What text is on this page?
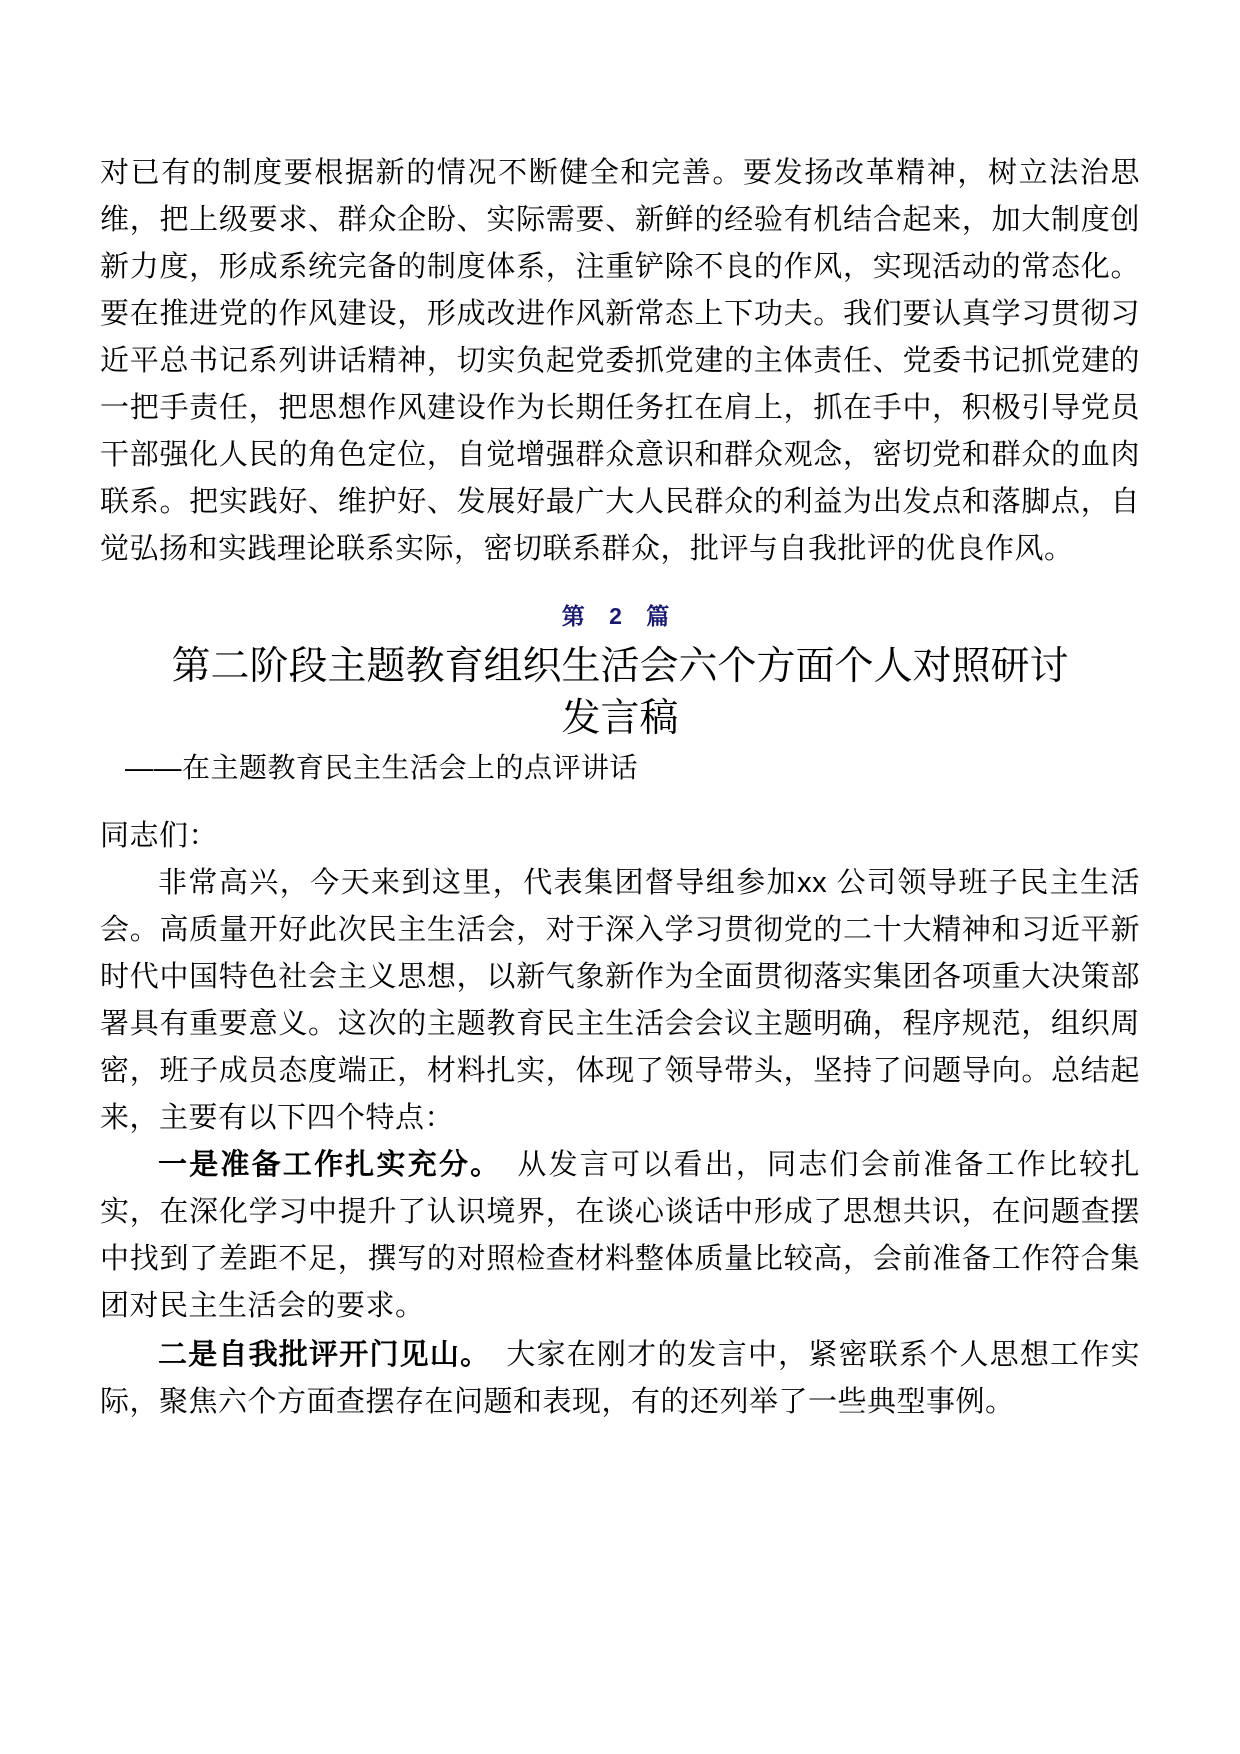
对已有的制度要根据新的情况不断健全和完善。要发扬改革精神，树立法治思维，把上级要求、群众企盼、实际需要、新鲜的经验有机结合起来，加大制度创新力度，形成系统完备的制度体系，注重铲除不良的作风，实现活动的常态化。要在推进党的作风建设，形成改进作风新常态上下功夫。我们要认真学习贯彻习近平总书记系列讲话精神，切实负起党委抓党建的主体责任、党委书记抓党建的一把手责任，把思想作风建设作为长期任务扛在肩上，抓在手中，积极引导党员干部强化人民的角色定位，自觉增强群众意识和群众观念，密切党和群众的血肉联系。把实践好、维护好、发展好最广大人民群众的利益为出发点和落脚点，自觉弘扬和实践理论联系实际，密切联系群众，批评与自我批评的优良作风。

第 2 篇
第二阶段主题教育组织生活会六个方面个人对照研讨发言稿

——在主题教育民主生活会上的点评讲话

同志们：

非常高兴，今天来到这里，代表集团督导组参加xx 公司领导班子民主生活会。高质量开好此次民主生活会，对于深入学习贯彻党的二十大精神和习近平新时代中国特色社会主义思想，以新气象新作为全面贯彻落实集团各项重大决策部署具有重要意义。这次的主题教育民主生活会会议主题明确，程序规范，组织周密，班子成员态度端正，材料扎实，体现了领导带头，坚持了问题导向。总结起来，主要有以下四个特点：

一是准备工作扎实充分。 从发言可以看出，同志们会前准备工作比较扎实，在深化学习中提升了认识境界，在谈心谈话中形成了思想共识，在问题查摆中找到了差距不足，撰写的对照检查材料整体质量比较高，会前准备工作符合集团对民主生活会的要求。

二是自我批评开门见山。 大家在刚才的发言中，紧密联系个人思想工作实际，聚焦六个方面查摆存在问题和表现，有的还列举了一些典型事例。
